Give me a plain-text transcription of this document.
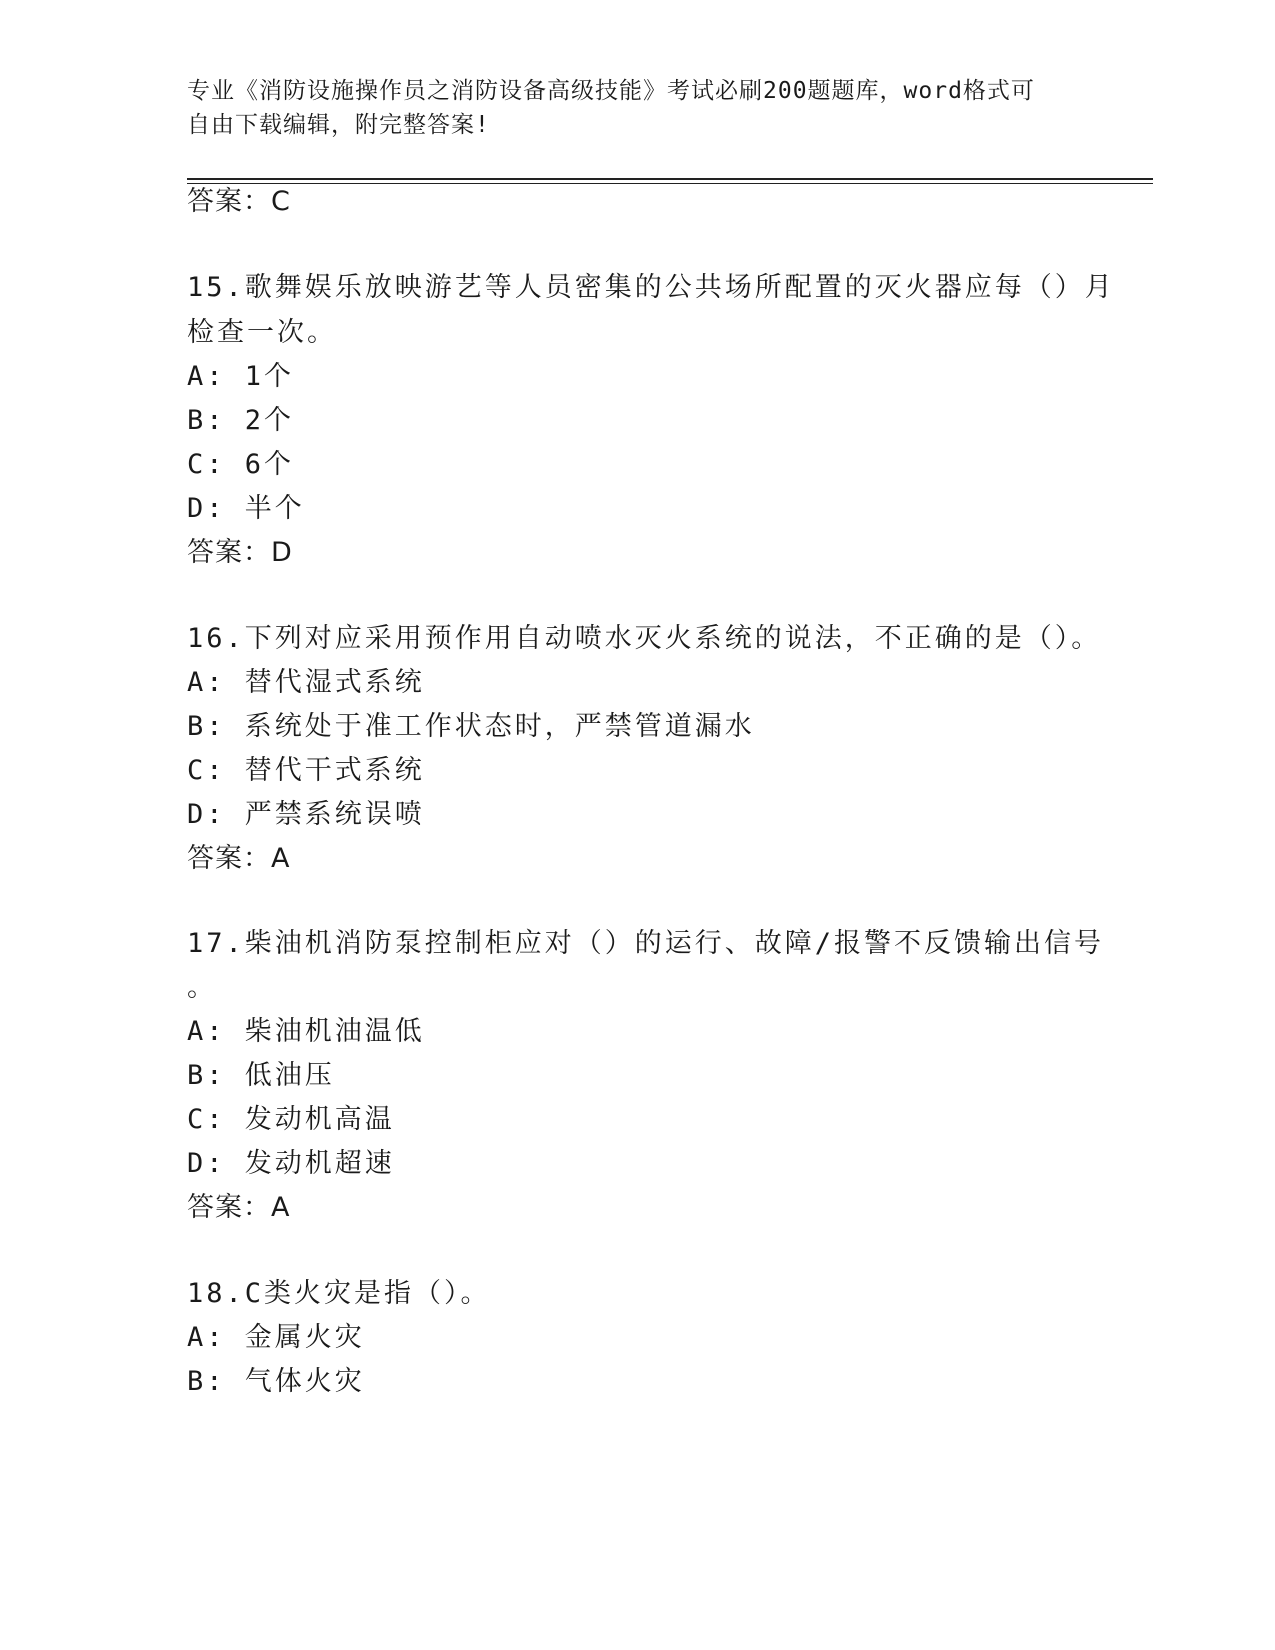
专业《消防设施操作员之消防设备高级技能》考试必刷200题题库，word格式可
自由下载编辑，附完整答案!
答案：C
15.歌舞娱乐放映游艺等人员密集的公共场所配置的灭火器应每（）月
检查一次。
A: 1个
B: 2个
C: 6个
D: 半个
答案：D
16.下列对应采用预作用自动喷水灭火系统的说法，不正确的是（）。
A: 替代湿式系统
B: 系统处于准工作状态时，严禁管道漏水
C: 替代干式系统
D: 严禁系统误喷
答案：A
17.柴油机消防泵控制柜应对（）的运行、故障/报警不反馈输出信号
。
A: 柴油机油温低
B: 低油压
C: 发动机高温
D: 发动机超速
答案：A
18.C类火灾是指（）。
A: 金属火灾
B: 气体火灾
